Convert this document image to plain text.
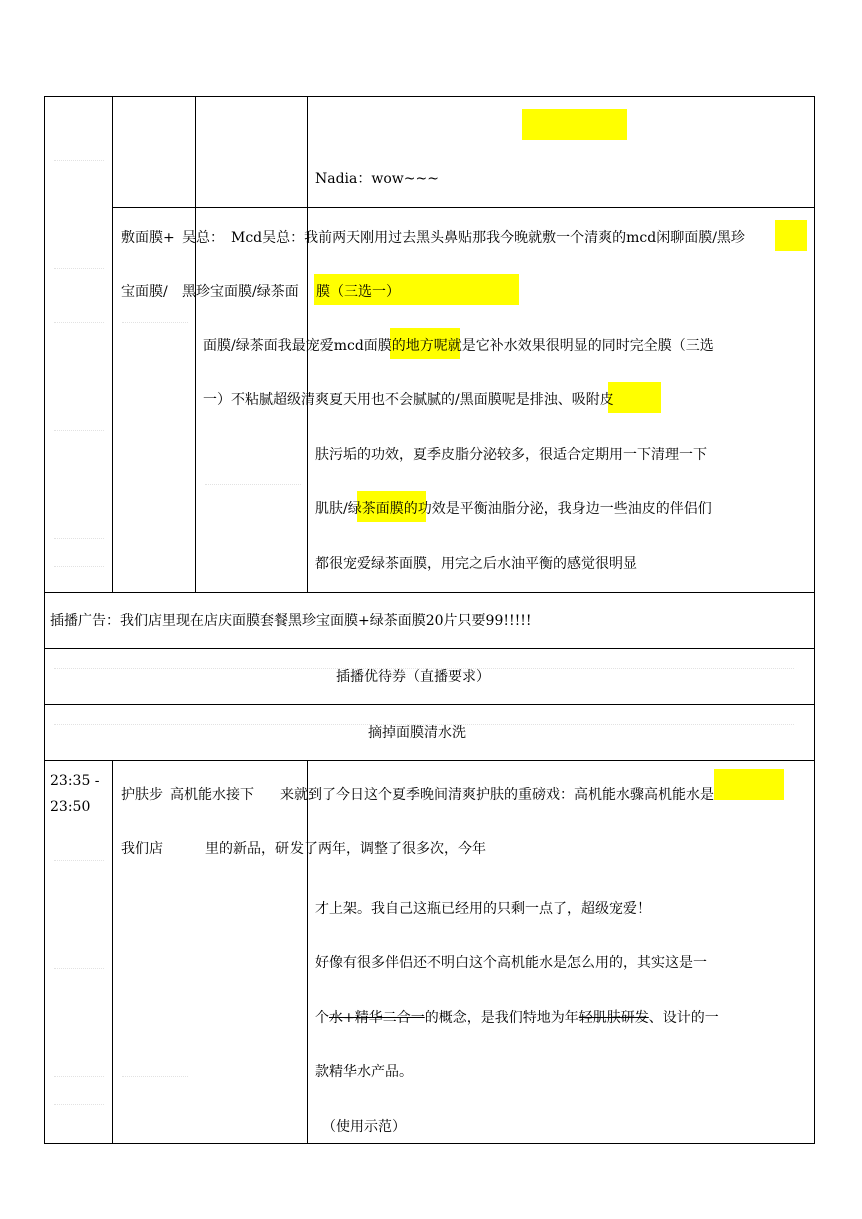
Nadia：wow~~~
敷面膜+
宝面膜/
吴总：
黑珍 宝面膜/绿茶面 膜（三选一）
Mcd吴总：我前两天刚用过去黑头鼻贴那我今晚就敷一个清爽的mcd闲聊面膜/黑珍
面膜/绿茶面我最宠爱mcd面膜的地方呢就是它补水效果很明显的同时完全膜（三选
一）不粘腻超级清爽夏天用也不会腻腻的/黑面膜呢是排浊、吸附皮
肤污垢的功效，夏季皮脂分泌较多，很适合定期用一下清理一下
肌肤/绿茶面膜的功效是平衡油脂分泌，我身边一些油皮的伴侣们
都很宠爱绿茶面膜，用完之后水油平衡的感觉很明显
插播广告：我们店里现在店庆面膜套餐黑珍宝面膜+绿茶面膜20片只要99!!!!!
插播优待券（直播要求）
摘掉面膜清水洗
23:35 -
23:50
护肤步
我们店
高机能水接下
里的新品，研
来就到了今日这个夏季晚间清爽护肤的重磅戏：高机能水骤高机能水是
发了两年，调整了很多次，今年
才上架。我自己这瓶已经用的只剩一点了，超级宠爱！
好像有很多伴侣还不明白这个高机能水是怎么用的，其实这是一
个水+精华二合一的概念，是我们特地为年轻肌肤研发、设计的一
款精华水产品。
（使用示范）
